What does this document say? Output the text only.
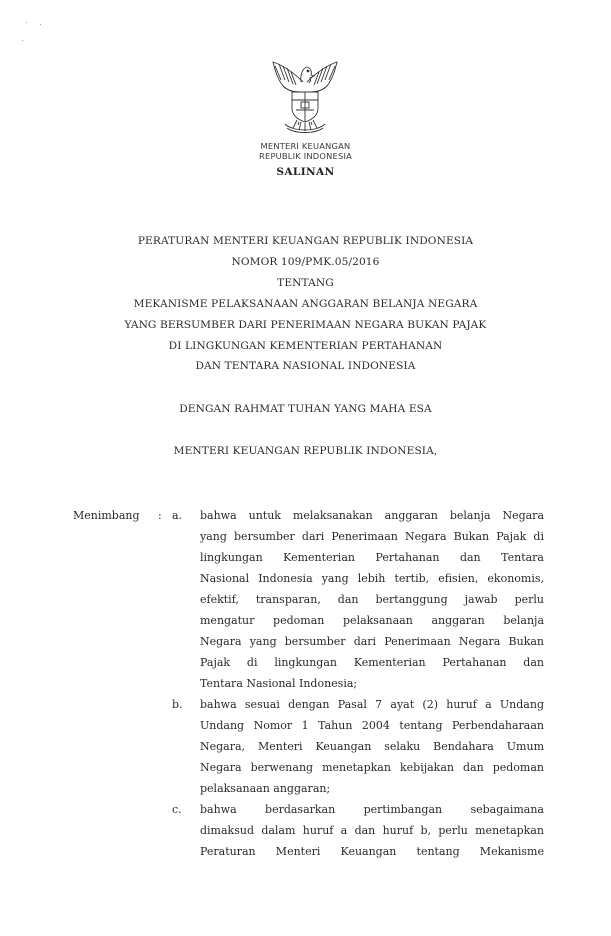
MENTERI KEUANGAN
REPUBLIK INDONESIA
SALINAN
PERATURAN MENTERI KEUANGAN REPUBLIK INDONESIA
NOMOR 109/PMK.05/2016
TENTANG
MEKANISME PELAKSANAAN ANGGARAN BELANJA NEGARA
YANG BERSUMBER DARI PENERIMAAN NEGARA BUKAN PAJAK
DI LINGKUNGAN KEMENTERIAN PERTAHANAN
DAN TENTARA NASIONAL INDONESIA
DENGAN RAHMAT TUHAN YANG MAHA ESA
MENTERI KEUANGAN REPUBLIK INDONESIA,
Menimbang : a. bahwa untuk melaksanakan anggaran belanja Negara
yang bersumber dari Penerimaan Negara Bukan Pajak di
lingkungan Kementerian Pertahanan dan Tentara
Nasional Indonesia yang lebih tertib, efisien, ekonomis,
efektif, transparan, dan bertanggung jawab perlu
mengatur pedoman pelaksanaan anggaran belanja
Negara yang bersumber dari Penerimaan Negara Bukan
Pajak di lingkungan Kementerian Pertahanan dan
Tentara Nasional Indonesia;
b. bahwa sesuai dengan Pasal 7 ayat (2) huruf a Undang
Undang Nomor 1 Tahun 2004 tentang Perbendaharaan
Negara, Menteri Keuangan selaku Bendahara Umum
Negara berwenang menetapkan kebijakan dan pedoman
pelaksanaan anggaran;
c. bahwa berdasarkan pertimbangan sebagaimana
dimaksud dalam huruf a dan huruf b, perlu menetapkan
Peraturan Menteri Keuangan tentang Mekanisme
